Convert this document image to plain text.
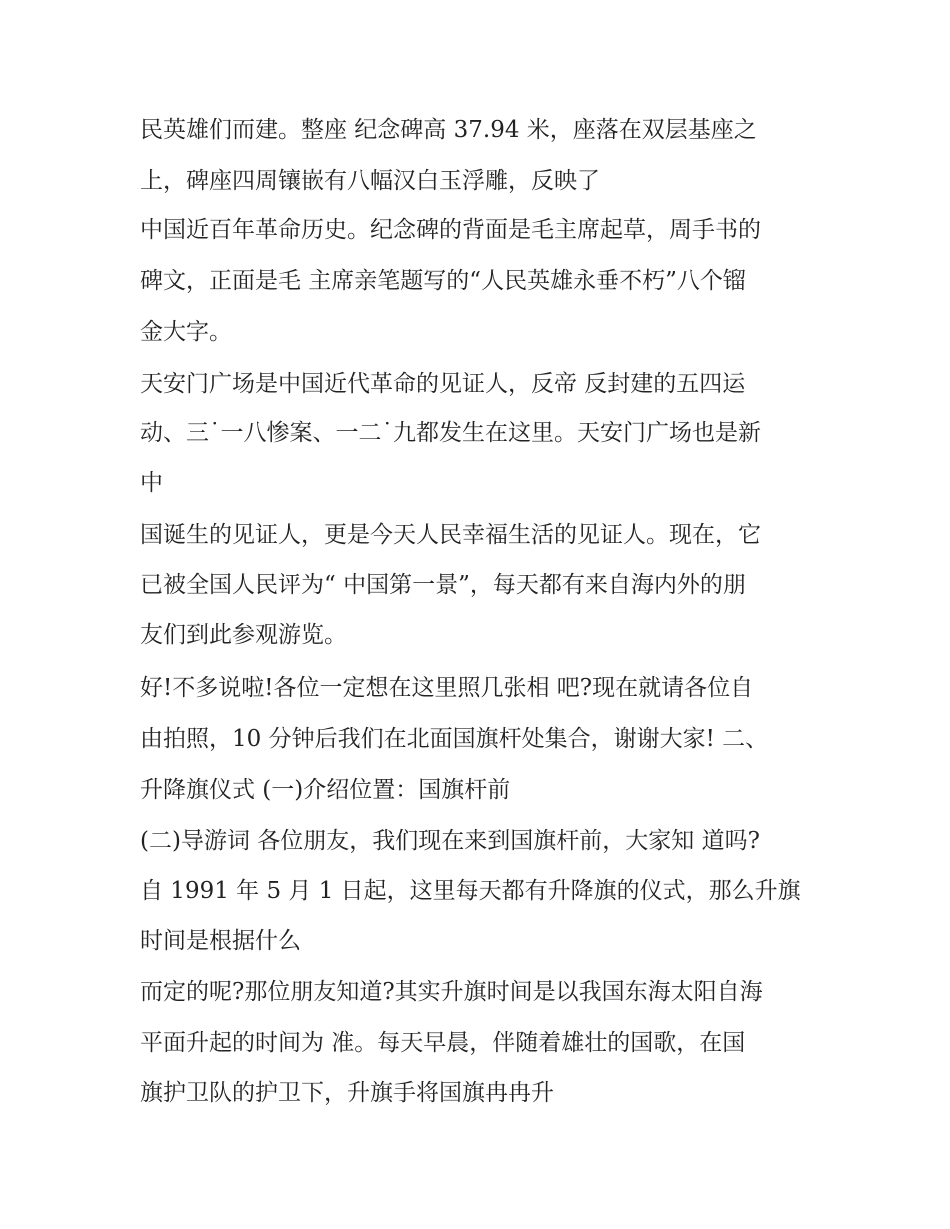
民英雄们而建。整座 纪念碑高 37.94 米，座落在双层基座之
上，碑座四周镶嵌有八幅汉白玉浮雕，反映了
中国近百年革命历史。纪念碑的背面是毛主席起草，周手书的
碑文，正面是毛 主席亲笔题写的“人民英雄永垂不朽”八个镏
金大字。
天安门广场是中国近代革命的见证人，反帝 反封建的五四运
动、三˙一八惨案、一二˙九都发生在这里。天安门广场也是新
中
国诞生的见证人，更是今天人民幸福生活的见证人。现在，它
已被全国人民评为“ 中国第一景”，每天都有来自海内外的朋
友们到此参观游览。
好!不多说啦!各位一定想在这里照几张相 吧?现在就请各位自
由拍照，10 分钟后我们在北面国旗杆处集合，谢谢大家! 二、
升降旗仪式 (一)介绍位置：国旗杆前
(二)导游词 各位朋友，我们现在来到国旗杆前，大家知 道吗?
自 1991 年 5 月 1 日起，这里每天都有升降旗的仪式，那么升旗
时间是根据什么
而定的呢?那位朋友知道?其实升旗时间是以我国东海太阳自海
平面升起的时间为 准。每天早晨，伴随着雄壮的国歌，在国
旗护卫队的护卫下，升旗手将国旗冉冉升
